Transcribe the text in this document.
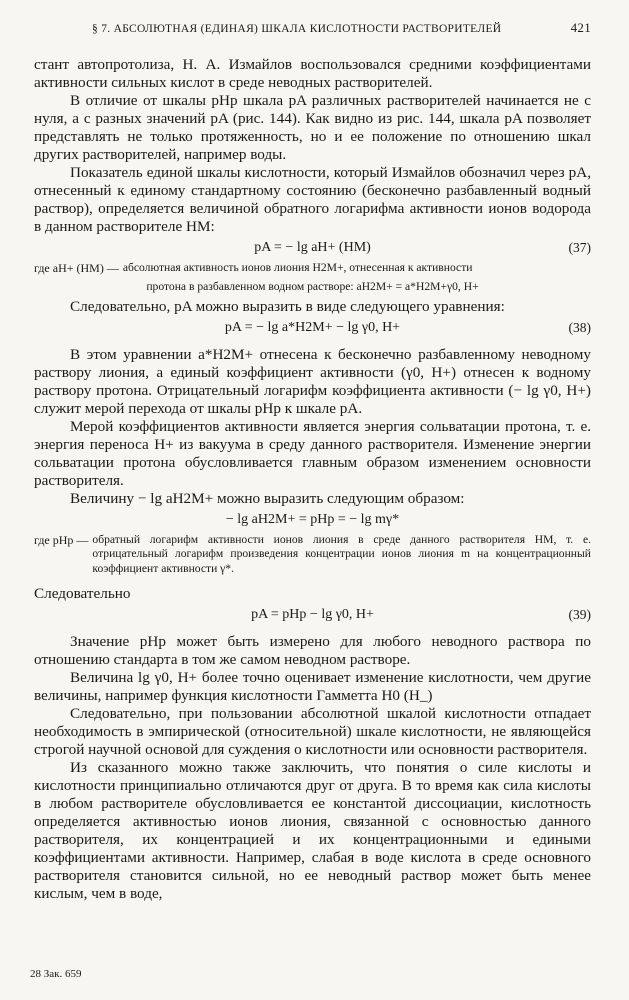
§ 7. АБСОЛЮТНАЯ (ЕДИНАЯ) ШКАЛА КИСЛОТНОСТИ РАСТВОРИТЕЛЕЙ	421

стант автопротолиза, Н. А. Измайлов воспользовался средними коэффициентами активности сильных кислот в среде неводных растворителей.

В отличие от шкалы pHp шкала pA различных растворителей начинается не с нуля, а с разных значений pA (рис. 144). Как видно из рис. 144, шкала pA позволяет представлять не только протяженность, но и ее положение по отношению шкал других растворителей, например воды.

Показатель единой шкалы кислотности, который Измайлов обозначил через pA, отнесенный к единому стандартному состоянию (бесконечно разбавленный водный раствор), определяется величиной обратного логарифма активности ионов водорода в данном растворителе НМ:

pA = − lg aH+ (НМ)	(37)
где aH+ (НМ) — абсолютная активность ионов лиония H2M+, отнесенная к активности
протона в разбавленном водном растворе: aH2M+ = a*H2M+γ0, H+

Следовательно, pA можно выразить в виде следующего уравнения:

pA = − lg a*H2M+ − lg γ0, H+	(38)

В этом уравнении a*H2M+ отнесена к бесконечно разбавленному неводному раствору лиония, а единый коэффициент активности (γ0, H+) отнесен к водному раствору протона. Отрицательный логарифм коэффициента активности (− lg γ0, H+) служит мерой перехода от шкалы pHp к шкале pA.

Мерой коэффициентов активности является энергия сольватации протона, т. е. энергия переноса H+ из вакуума в среду данного растворителя. Изменение энергии сольватации протона обусловливается главным образом изменением основности растворителя.

Величину − lg aH2M+ можно выразить следующим образом:

− lg aH2M+ = pHp = − lg mγ*
где pHp — обратный логарифм активности ионов лиония в среде данного растворителя НМ, т. е. отрицательный логарифм произведения концентрации ионов лиония m на концентрационный коэффициент активности γ*.

Следовательно

pA = pHp − lg γ0, H+	(39)

Значение pHp может быть измерено для любого неводного раствора по отношению стандарта в том же самом неводном растворе.

Величина lg γ0, H+ более точно оценивает изменение кислотности, чем другие величины, например функция кислотности Гамметта H0 (H_)

Следовательно, при пользовании абсолютной шкалой кислотности отпадает необходимость в эмпирической (относительной) шкале кислотности, не являющейся строгой научной основой для суждения о кислотности или основности растворителя.

Из сказанного можно также заключить, что понятия о силе кислоты и кислотности принципиально отличаются друг от друга. В то время как сила кислоты в любом растворителе обусловливается ее константой диссоциации, кислотность определяется активностью ионов лиония, связанной с основностью данного растворителя, их концентрацией и их концентрационными и едиными коэффициентами активности. Например, слабая в воде кислота в среде основного растворителя становится сильной, но ее неводный раствор может быть менее кислым, чем в воде,

28 Зак. 659
